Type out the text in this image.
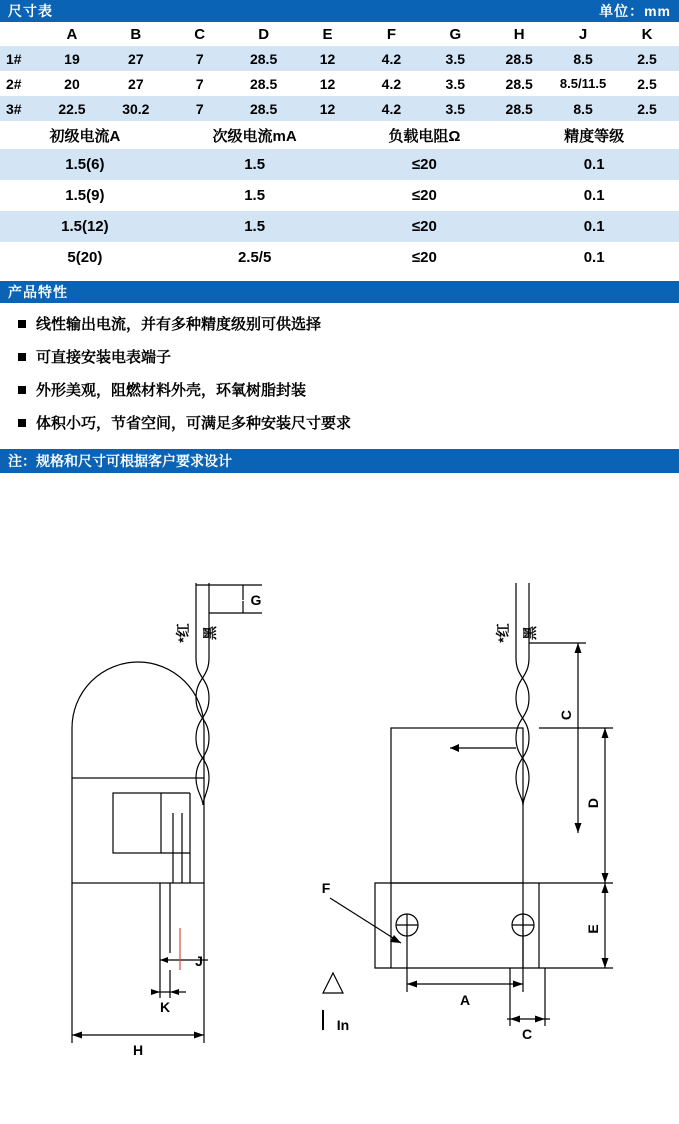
尺寸表	单位：mm
	A	B	C	D	E	F	G	H	J	K
1#	19	27	7	28.5	12	4.2	3.5	28.5	8.5	2.5
2#	20	27	7	28.5	12	4.2	3.5	28.5	8.5/11.5	2.5
3#	22.5	30.2	7	28.5	12	4.2	3.5	28.5	8.5	2.5
初级电流A	次级电流mA	负载电阻Ω	精度等级
1.5(6)	1.5	≤20	0.1
1.5(9)	1.5	≤20	0.1
1.5(12)	1.5	≤20	0.1
5(20)	2.5/5	≤20	0.1
产品特性
线性输出电流，并有多种精度级别可供选择
可直接安装电表端子
外形美观，阻燃材料外壳，环氧树脂封装
体积小巧，节省空间，可满足多种安装尺寸要求
注：规格和尺寸可根据客户要求设计
*红 黑
G
J
K
H
*红 黑
C
D
E
F
A
C
In
